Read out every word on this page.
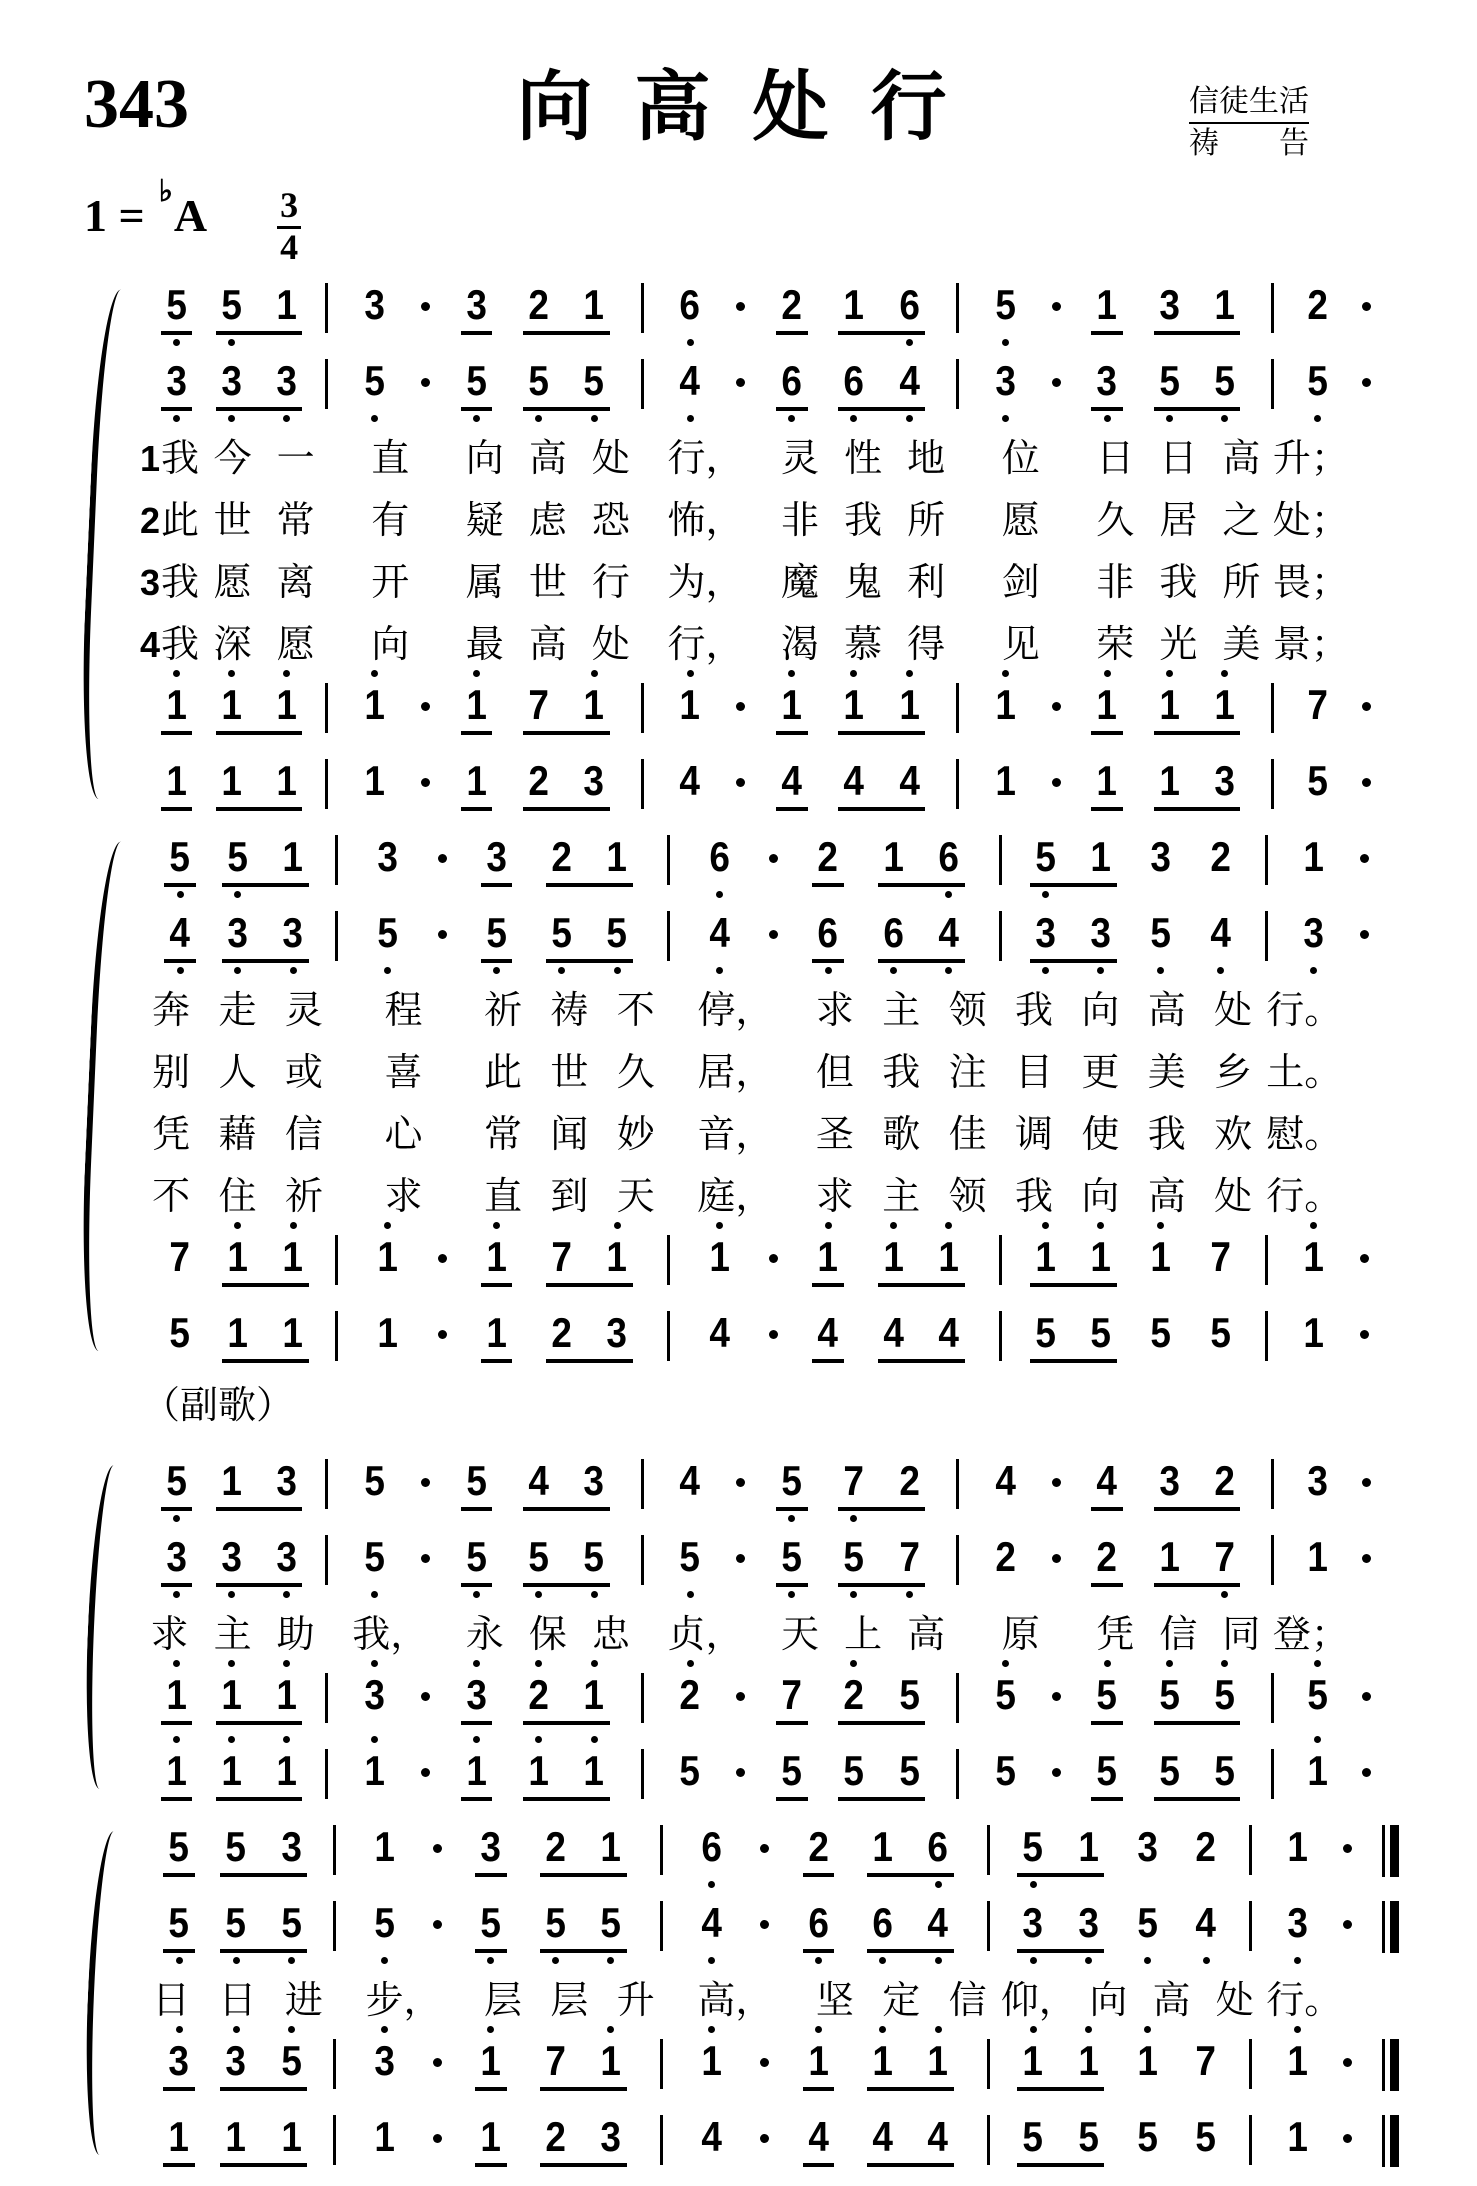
343	向高处行	信徒生活
祷　　告
1 = ♭ A $\frac{3}{4}$
5 5 1 3 3 2 1 6 2 1 6 5 1 3 1 2
3 3 3 5 5 5 5 4 6 6 4 3 3 5 5 5
1我 今 一	直	向 高 处 行， 灵 性 地	位	日 日 高 升；
2此 世 常	有	疑 虑 恐 怖， 非 我 所	愿	久 居 之 处；
3我 愿 离	开	属 世 行 为， 魔 鬼 利	剑	非 我 所 畏；
4我 深 愿	向	最 高 处 行， 渴 慕 得	见	荣 光 美 景；
1 1 1 1 1 7 1 1 1 1 1 1 1 1 1 7
1 1 1 1 1 2 3 4 4 4 4 1 1 1 3 5
5 5 1 3 3 2 1 6 2 1 6 5 1 3 2 1
4 3 3 5 5 5 5 4 6 6 4 3 3 5 4 3
奔 走 灵	程	祈 祷 不	停，	求 主 领 我 向 高 处 行。
别 人 或	喜	此 世 久	居，	但 我 注 目 更 美 乡 土。
凭 藉 信	心	常 闻 妙	音，	圣 歌 佳 调 使 我 欢 慰。
不 住 祈	求	直 到 天	庭，	求 主 领 我 向 高 处 行。
7 1 1 1 1 7 1 1 1 1 1 1 1 1 7 1
5 1 1 1 1 2 3 4 4 4 4 5 5 5 5 1
（副歌）
5 1 3 5 5 4 3 4 5 7 2 4 4 3 2 3
3 3 3 5 5 5 5 5 5 5 7 2 2 1 7 1
求 主 助 我， 永 保 忠 贞， 天 上 高	原	凭 信 同 登；
1 1 1 3 3 2 1 2 7 2 5 5 5 5 5 5
1 1 1 1 1 1 1 5 5 5 5 5 5 5 5 1
5 5 3 1 3 2 1 6 2 1 6 5 1 3 2 1
5 5 5 5 5 5 5 4 6 6 4 3 3 5 4 3
日 日 进	步，	层 层 升	高，	坚 定 信 仰， 向 高 处 行。
3 3 5 3 1 7 1 1 1 1 1 1 1 1 7 1
1 1 1 1 1 2 3 4 4 4 4 5 5 5 5 1
